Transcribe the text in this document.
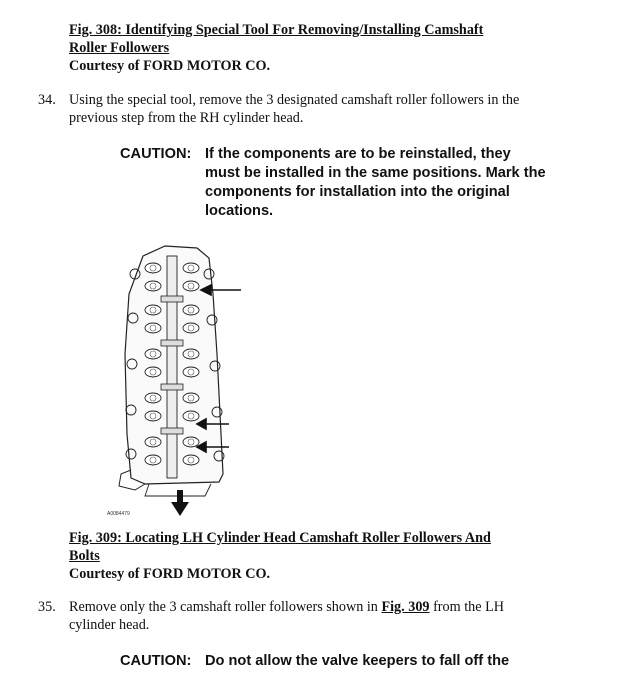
Fig. 308: Identifying Special Tool For Removing/Installing Camshaft
Roller Followers
Courtesy of FORD MOTOR CO.
34. Using the special tool, remove the 3 designated camshaft roller followers in the
previous step from the RH cylinder head.
CAUTION: If the components are to be reinstalled, they
must be installed in the same positions. Mark the
components for installation into the original
locations.
A0084479
Fig. 309: Locating LH Cylinder Head Camshaft Roller Followers And
Bolts
Courtesy of FORD MOTOR CO.
35. Remove only the 3 camshaft roller followers shown in Fig. 309 from the LH
cylinder head.
CAUTION: Do not allow the valve keepers to fall off the
